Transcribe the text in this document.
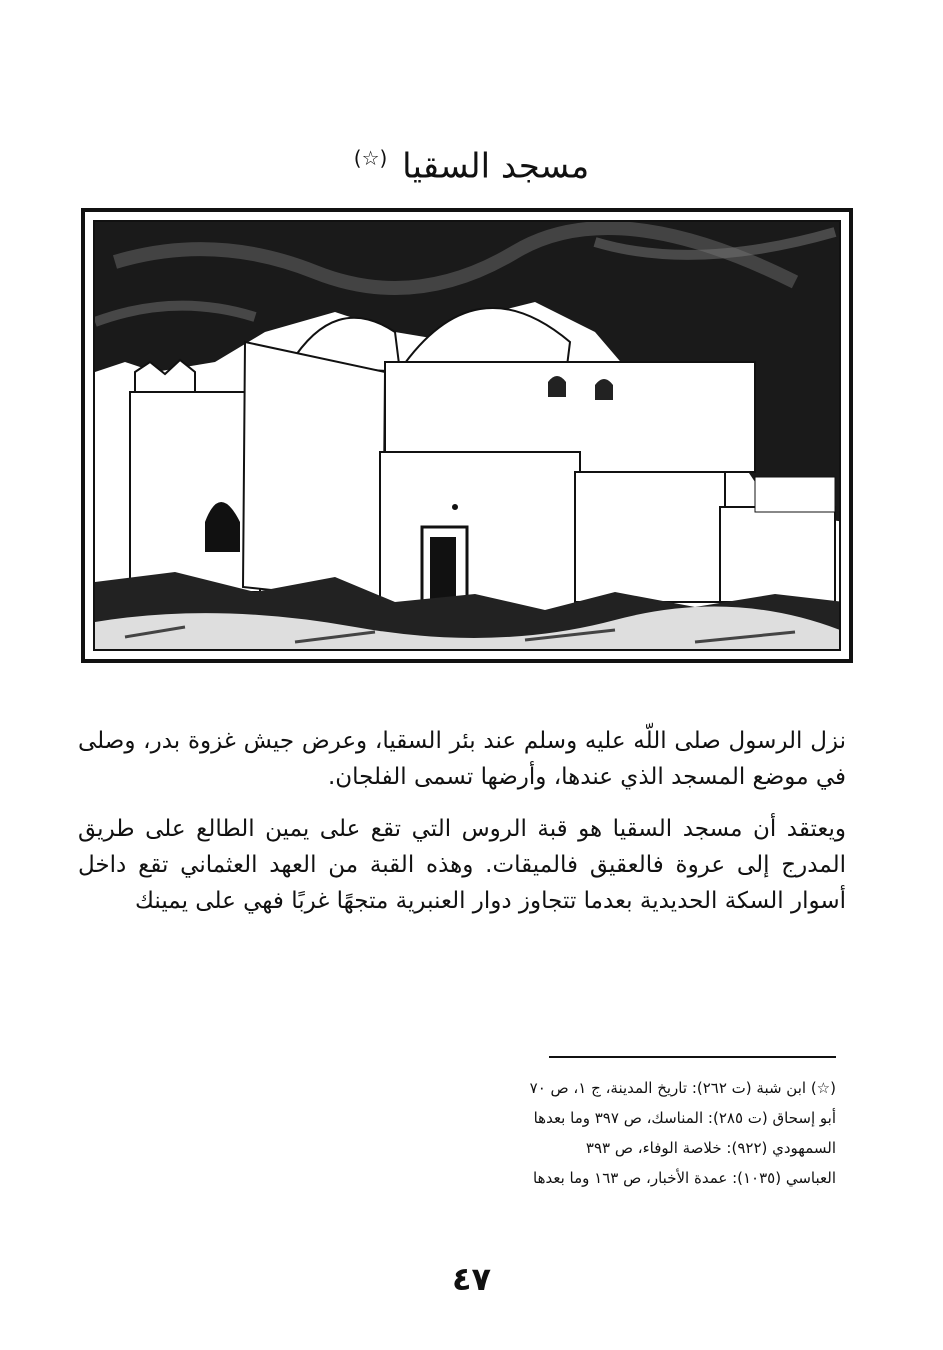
مسجد السقيا (☆)

نزل الرسول صلى اللّه عليه وسلم عند بئر السقيا، وعرض جيش غزوة بدر، وصلى في موضع المسجد الذي عندها، وأرضها تسمى الفلجان.

ويعتقد أن مسجد السقيا هو قبة الروس التي تقع على يمين الطالع على طريق المدرج إلى عروة فالعقيق فالميقات. وهذه القبة من العهد العثماني تقع داخل أسوار السكة الحديدية بعدما تتجاوز دوار العنبرية متجهًا غربًا فهي على يمينك

(☆) ابن شبة (ت ٢٦٢): تاريخ المدينة، ج ١، ص ٧٠
أبو إسحاق (ت ٢٨٥): المناسك، ص ٣٩٧ وما بعدها
السمهودي (٩٢٢): خلاصة الوفاء، ص ٣٩٣
العباسي (١٠٣٥): عمدة الأخبار، ص ١٦٣ وما بعدها
٤٧
